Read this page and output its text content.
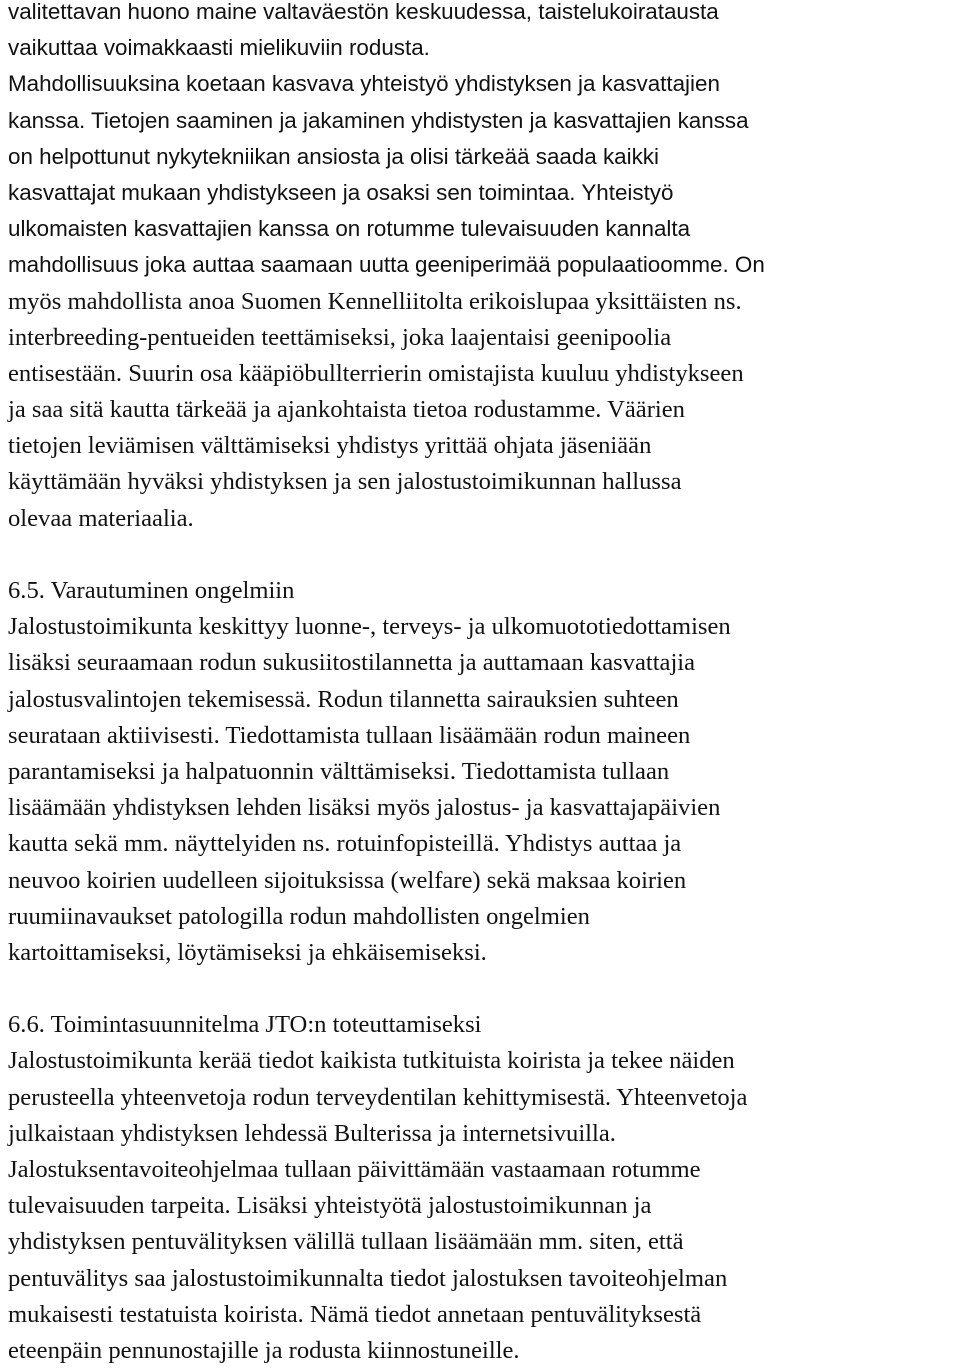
valitettavan huono maine valtaväestön keskuudessa, taistelukoiratausta
vaikuttaa voimakkaasti mielikuviin rodusta.
Mahdollisuuksina koetaan kasvava yhteistyö yhdistyksen ja kasvattajien
kanssa. Tietojen saaminen ja jakaminen yhdistysten ja kasvattajien kanssa
on helpottunut nykytekniikan ansiosta ja olisi tärkeää saada kaikki
kasvattajat mukaan yhdistykseen ja osaksi sen toimintaa. Yhteistyö
ulkomaisten kasvattajien kanssa on rotumme tulevaisuuden kannalta
mahdollisuus joka auttaa saamaan uutta geeniperimää populaatioomme. On
myös mahdollista anoa Suomen Kennelliitolta erikoislupaa yksittäisten ns.
interbreeding-pentueiden teettämiseksi, joka laajentaisi geenipoolia
entisestään. Suurin osa kääpiöbullterrierin omistajista kuuluu yhdistykseen
ja saa sitä kautta tärkeää ja ajankohtaista tietoa rodustamme. Väärien
tietojen leviämisen välttämiseksi yhdistys yrittää ohjata jäseniään
käyttämään hyväksi yhdistyksen ja sen jalostustoimikunnan hallussa
olevaa materiaalia.
6.5. Varautuminen ongelmiin
Jalostustoimikunta keskittyy luonne-, terveys- ja ulkomuototiedottamisen
lisäksi seuraamaan rodun sukusiitostilannetta ja auttamaan kasvattajia
jalostusvalintojen tekemisessä. Rodun tilannetta sairauksien suhteen
seurataan aktiivisesti. Tiedottamista tullaan lisäämään rodun maineen
parantamiseksi ja halpatuonnin välttämiseksi. Tiedottamista tullaan
lisäämään yhdistyksen lehden lisäksi myös jalostus- ja kasvattajapäivien
kautta sekä mm. näyttelyiden ns. rotuinfopisteillä. Yhdistys auttaa ja
neuvoo koirien uudelleen sijoituksissa (welfare) sekä maksaa koirien
ruumiinavaukset patologilla rodun mahdollisten ongelmien
kartoittamiseksi, löytämiseksi ja ehkäisemiseksi.
6.6. Toimintasuunnitelma JTO:n toteuttamiseksi
Jalostustoimikunta kerää tiedot kaikista tutkituista koirista ja tekee näiden
perusteella yhteenvetoja rodun terveydentilan kehittymisestä. Yhteenvetoja
julkaistaan yhdistyksen lehdessä Bulterissa ja internetsivuilla.
Jalostuksentavoiteohjelmaa tullaan päivittämään vastaamaan rotumme
tulevaisuuden tarpeita. Lisäksi yhteistyötä jalostustoimikunnan ja
yhdistyksen pentuvälityksen välillä tullaan lisäämään mm. siten, että
pentuvälitys saa jalostustoimikunnalta tiedot jalostuksen tavoiteohjelman
mukaisesti testatuista koirista. Nämä tiedot annetaan pentuvälityksestä
eteenpäin pennunostajille ja rodusta kiinnostuneille.
